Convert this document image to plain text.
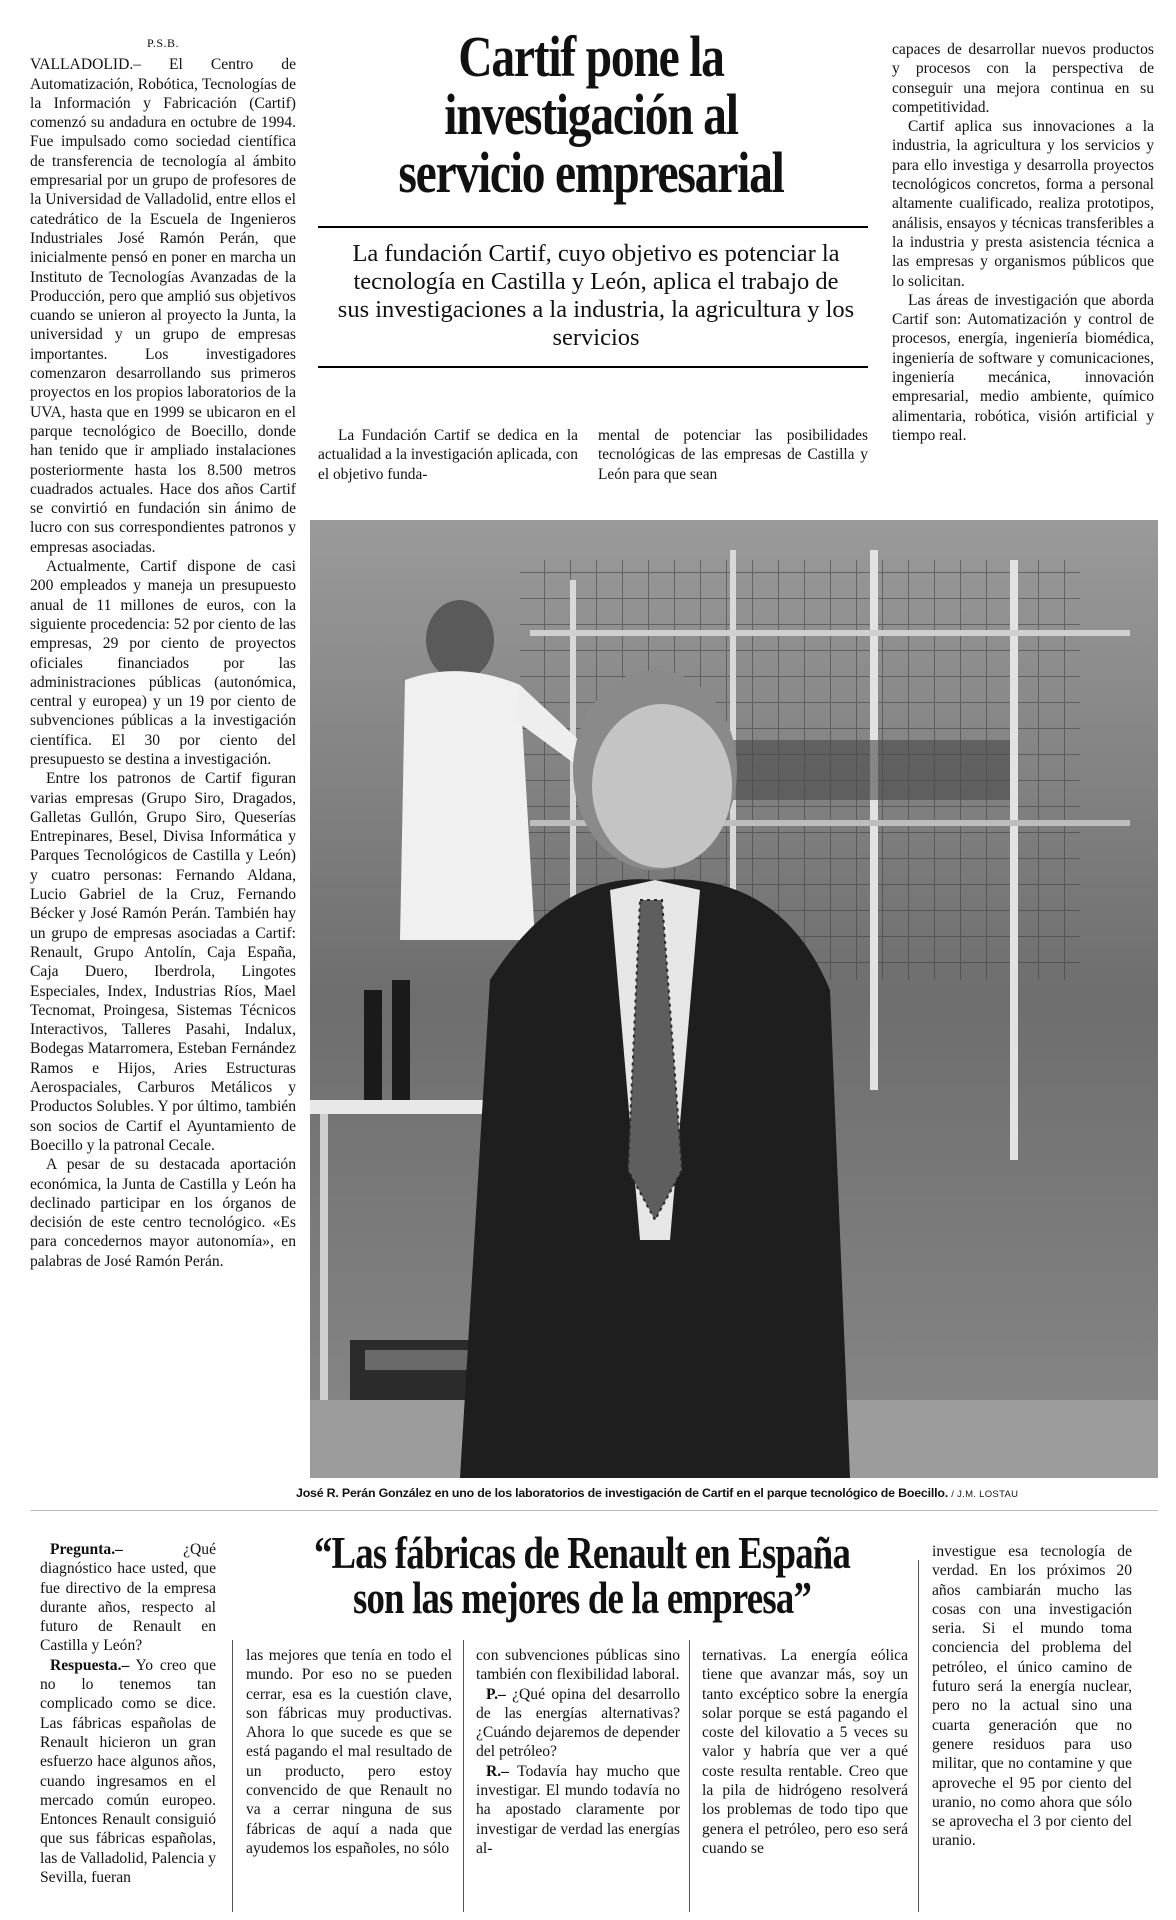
P.S.B.

VALLADOLID.– El Centro de Automatización, Robótica, Tecnologías de la Información y Fabricación (Cartif) comenzó su andadura en octubre de 1994. Fue impulsado como sociedad científica de transferencia de tecnología al ámbito empresarial por un grupo de profesores de la Universidad de Valladolid, entre ellos el catedrático de la Escuela de Ingenieros Industriales José Ramón Perán, que inicialmente pensó en poner en marcha un Instituto de Tecnologías Avanzadas de la Producción, pero que amplió sus objetivos cuando se unieron al proyecto la Junta, la universidad y un grupo de empresas importantes. Los investigadores comenzaron desarrollando sus primeros proyectos en los propios laboratorios de la UVA, hasta que en 1999 se ubicaron en el parque tecnológico de Boecillo, donde han tenido que ir ampliado instalaciones posteriormente hasta los 8.500 metros cuadrados actuales. Hace dos años Cartif se convirtió en fundación sin ánimo de lucro con sus correspondientes patronos y empresas asociadas.

Actualmente, Cartif dispone de casi 200 empleados y maneja un presupuesto anual de 11 millones de euros, con la siguiente procedencia: 52 por ciento de las empresas, 29 por ciento de proyectos oficiales financiados por las administraciones públicas (autonómica, central y europea) y un 19 por ciento de subvenciones públicas a la investigación científica. El 30 por ciento del presupuesto se destina a investigación.

Entre los patronos de Cartif figuran varias empresas (Grupo Siro, Dragados, Galletas Gullón, Grupo Siro, Queserías Entrepinares, Besel, Divisa Informática y Parques Tecnológicos de Castilla y León) y cuatro personas: Fernando Aldana, Lucio Gabriel de la Cruz, Fernando Bécker y José Ramón Perán. También hay un grupo de empresas asociadas a Cartif: Renault, Grupo Antolín, Caja España, Caja Duero, Iberdrola, Lingotes Especiales, Index, Industrias Ríos, Mael Tecnomat, Proingesa, Sistemas Técnicos Interactivos, Talleres Pasahi, Indalux, Bodegas Matarromera, Esteban Fernández Ramos e Hijos, Aries Estructuras Aerospaciales, Carburos Metálicos y Productos Solubles. Y por último, también son socios de Cartif el Ayuntamiento de Boecillo y la patronal Cecale.

A pesar de su destacada aportación económica, la Junta de Castilla y León ha declinado participar en los órganos de decisión de este centro tecnológico. «Es para concedernos mayor autonomía», en palabras de José Ramón Perán.

Cartif pone la
investigación al
servicio empresarial
La fundación Cartif, cuyo objetivo es potenciar la tecnología en Castilla y León, aplica el trabajo de sus investigaciones a la industria, la agricultura y los servicios
La Fundación Cartif se dedica en la actualidad a la investigación aplicada, con el objetivo funda-
mental de potenciar las posibilidades tecnológicas de las empresas de Castilla y León para que sean

capaces de desarrollar nuevos productos y procesos con la perspectiva de conseguir una mejora continua en su competitividad.

Cartif aplica sus innovaciones a la industria, la agricultura y los servicios y para ello investiga y desarrolla proyectos tecnológicos concretos, forma a personal altamente cualificado, realiza prototipos, análisis, ensayos y técnicas transferibles a la industria y presta asistencia técnica a las empresas y organismos públicos que lo solicitan.

Las áreas de investigación que aborda Cartif son: Automatización y control de procesos, energía, ingeniería biomédica, ingeniería de software y comunicaciones, ingeniería mecánica, innovación empresarial, medio ambiente, químico alimentaria, robótica, visión artificial y tiempo real.

José R. Perán González en uno de los laboratorios de investigación de Cartif en el parque tecnológico de Boecillo. / J.M. LOSTAU
“Las fábricas de Renault en España
son las mejores de la empresa”

Pregunta.– ¿Qué diagnóstico hace usted, que fue directivo de la empresa durante años, respecto al futuro de Renault en Castilla y León?

Respuesta.– Yo creo que no lo tenemos tan complicado como se dice. Las fábricas españolas de Renault hicieron un gran esfuerzo hace algunos años, cuando ingresamos en el mercado común europeo. Entonces Renault consiguió que sus fábricas españolas, las de Valladolid, Palencia y Sevilla, fueran

las mejores que tenía en todo el mundo. Por eso no se pueden cerrar, esa es la cuestión clave, son fábricas muy productivas. Ahora lo que sucede es que se está pagando el mal resultado de un producto, pero estoy convencido de que Renault no va a cerrar ninguna de sus fábricas de aquí a nada que ayudemos los españoles, no sólo

con subvenciones públicas sino también con flexibilidad laboral.

P.– ¿Qué opina del desarrollo de las energías alternativas? ¿Cuándo dejaremos de depender del petróleo?

R.– Todavía hay mucho que investigar. El mundo todavía no ha apostado claramente por investigar de verdad las energías al-

ternativas. La energía eólica tiene que avanzar más, soy un tanto excéptico sobre la energía solar porque se está pagando el coste del kilovatio a 5 veces su valor y habría que ver a qué coste resulta rentable. Creo que la pila de hidrógeno resolverá los problemas de todo tipo que genera el petróleo, pero eso será cuando se
investigue esa tecnología de verdad. En los próximos 20 años cambiarán mucho las cosas con una investigación seria. Si el mundo toma conciencia del problema del petróleo, el único camino de futuro será la energía nuclear, pero no la actual sino una cuarta generación que no genere residuos para uso militar, que no contamine y que aproveche el 95 por ciento del uranio, no como ahora que sólo se aprovecha el 3 por ciento del uranio.
